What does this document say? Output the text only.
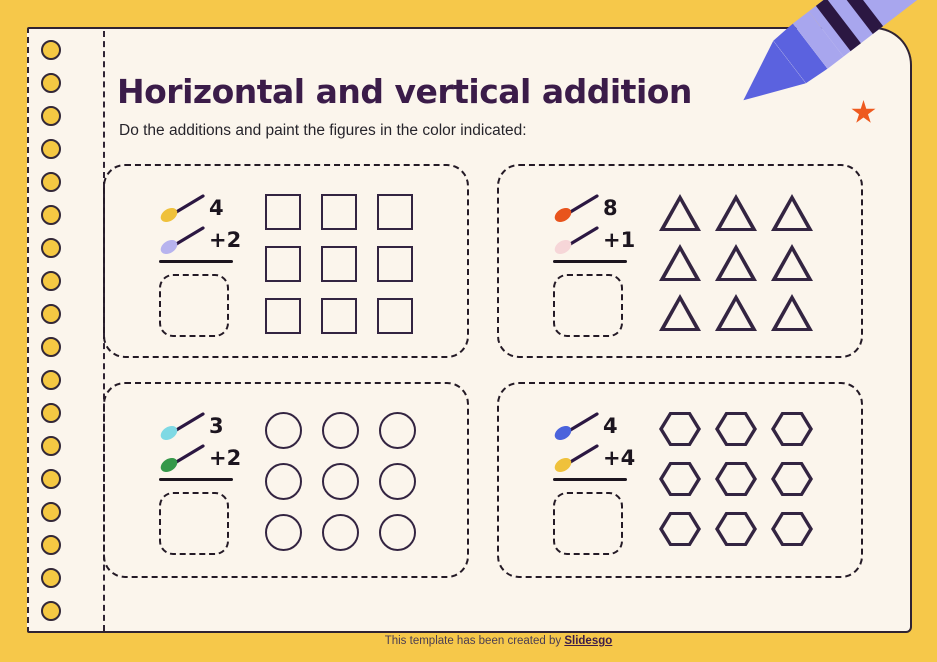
Horizontal and vertical addition

Do the additions and paint the figures in the color indicated:

This template has been created by Slidesgo
4
+2
8
+1
3
+2
4
+4
